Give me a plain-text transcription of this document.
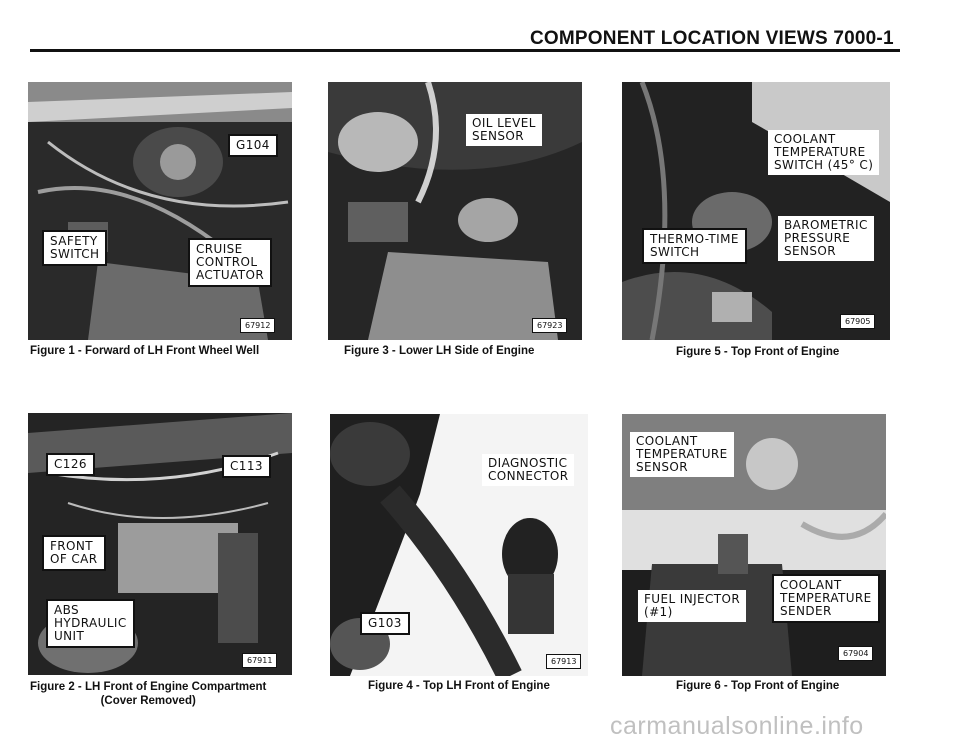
COMPONENT LOCATION VIEWS 7000-1
G104
SAFETY
SWITCH	CRUISE
CONTROL
ACTUATOR
67912
Figure 1 - Forward of LH Front Wheel Well
OIL LEVEL
SENSOR
67923
Figure 3 - Lower LH Side of Engine
COOLANT
TEMPERATURE
SWITCH (45° C)
BAROMETRIC
PRESSURE
SENSOR
THERMO-TIME
SWITCH
67905
Figure 5 - Top Front of Engine
C126	C113
FRONT
OF CAR
ABS
HYDRAULIC
UNIT
67911
Figure 2 - LH Front of Engine Compartment
(Cover Removed)
DIAGNOSTIC
CONNECTOR
G103
67913
Figure 4 - Top LH Front of Engine
COOLANT
TEMPERATURE
SENSOR
FUEL INJECTOR
(#1)
COOLANT
TEMPERATURE
SENDER
67904
Figure 6 - Top Front of Engine
carmanualsonline.info
